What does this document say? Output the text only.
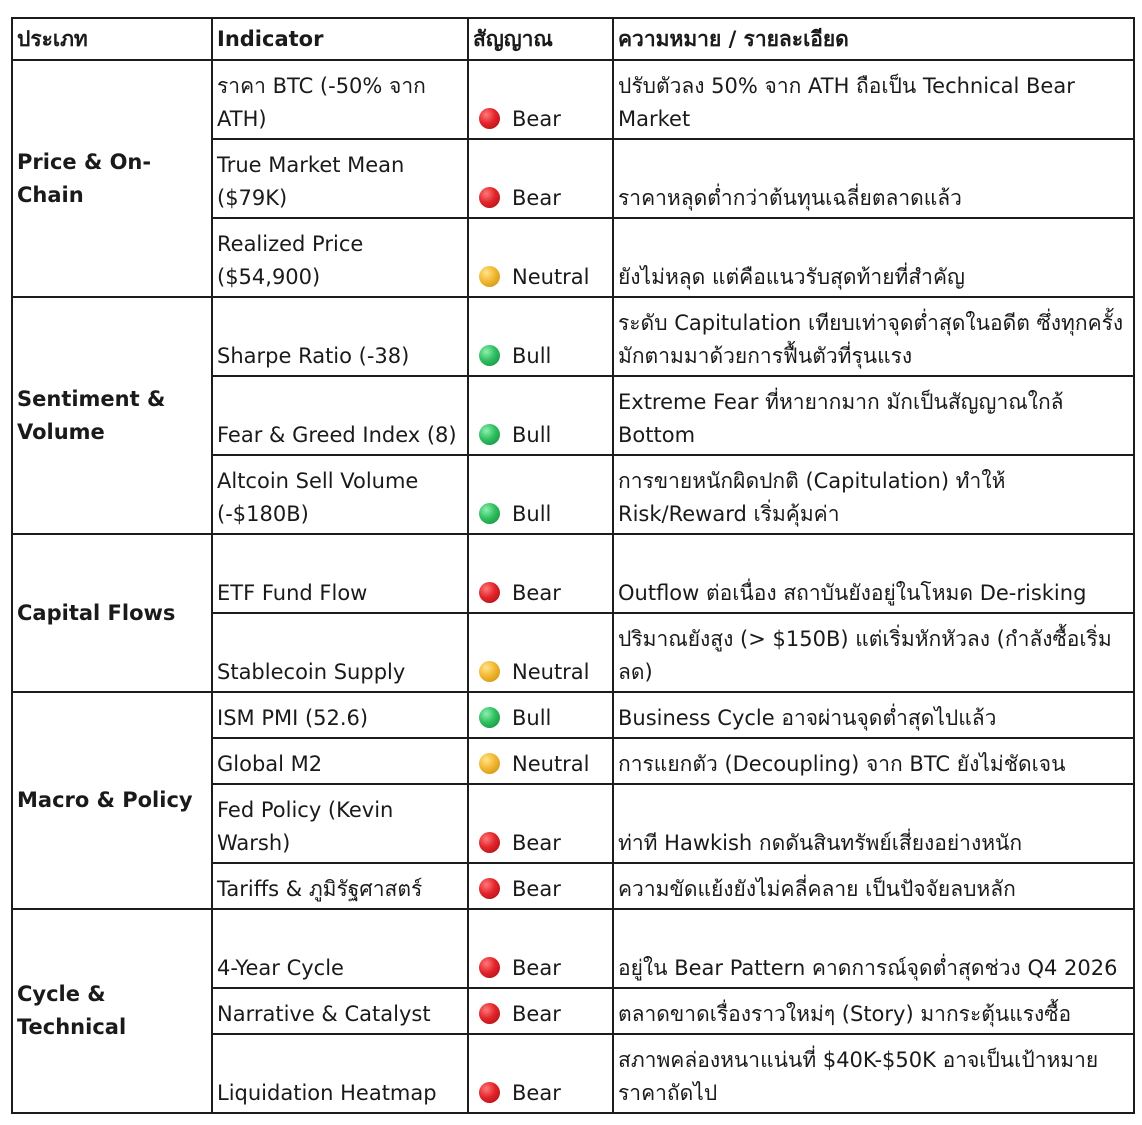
ประเภท	Indicator	สัญญาณ	ความหมาย / รายละเอียด
Price & On-Chain	ราคา BTC (-50% จาก ATH)	Bear	ปรับตัวลง 50% จาก ATH ถือเป็น Technical Bear Market
	True Market Mean ($79K)	Bear	ราคาหลุดต่ำกว่าต้นทุนเฉลี่ยตลาดแล้ว
	Realized Price ($54,900)	Neutral	ยังไม่หลุด แต่คือแนวรับสุดท้ายที่สำคัญ
Sentiment & Volume	Sharpe Ratio (-38)	Bull	ระดับ Capitulation เทียบเท่าจุดต่ำสุดในอดีต ซึ่งทุกครั้งมักตามมาด้วยการฟื้นตัวที่รุนแรง
	Fear & Greed Index (8)	Bull	Extreme Fear ที่หายากมาก มักเป็นสัญญาณใกล้ Bottom
	Altcoin Sell Volume (-$180B)	Bull	การขายหนักผิดปกติ (Capitulation) ทำให้ Risk/Reward เริ่มคุ้มค่า
Capital Flows	ETF Fund Flow	Bear	Outflow ต่อเนื่อง สถาบันยังอยู่ในโหมด De-risking
	Stablecoin Supply	Neutral	ปริมาณยังสูง (> $150B) แต่เริ่มหักหัวลง (กำลังซื้อเริ่มลด)
Macro & Policy	ISM PMI (52.6)	Bull	Business Cycle อาจผ่านจุดต่ำสุดไปแล้ว
	Global M2	Neutral	การแยกตัว (Decoupling) จาก BTC ยังไม่ชัดเจน
	Fed Policy (Kevin Warsh)	Bear	ท่าที Hawkish กดดันสินทรัพย์เสี่ยงอย่างหนัก
	Tariffs & ภูมิรัฐศาสตร์	Bear	ความขัดแย้งยังไม่คลี่คลาย เป็นปัจจัยลบหลัก
Cycle & Technical	4-Year Cycle	Bear	อยู่ใน Bear Pattern คาดการณ์จุดต่ำสุดช่วง Q4 2026
	Narrative & Catalyst	Bear	ตลาดขาดเรื่องราวใหม่ๆ (Story) มากระตุ้นแรงซื้อ
	Liquidation Heatmap	Bear	สภาพคล่องหนาแน่นที่ $40K-$50K อาจเป็นเป้าหมายราคาถัดไป
